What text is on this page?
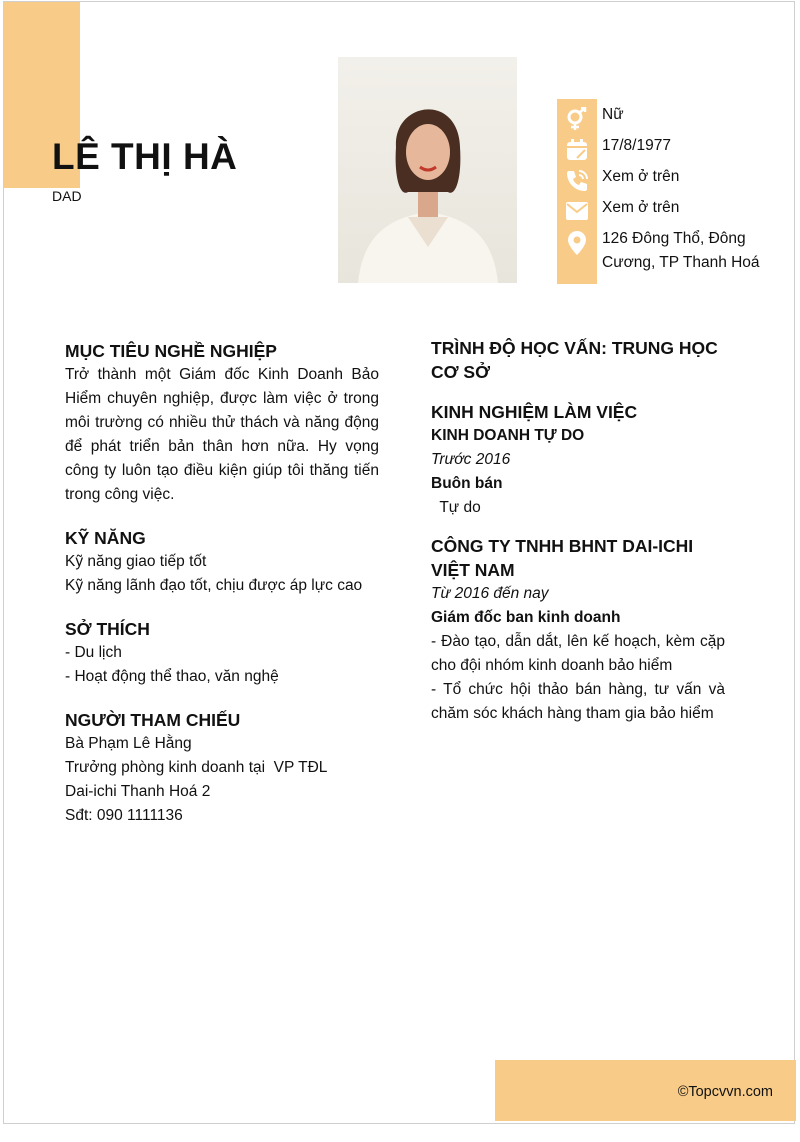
LÊ THỊ HÀ
DAD
Nữ
17/8/1977
Xem ở trên
Xem ở trên
126 Đông Thổ, Đông Cương, TP Thanh Hoá
MỤC TIÊU NGHỀ NGHIỆP

Trở thành một Giám đốc Kinh Doanh Bảo Hiểm chuyên nghiệp, được làm việc ở trong môi trường có nhiều thử thách và năng động để phát triển bản thân hơn nữa. Hy vọng công ty luôn tạo điều kiện giúp tôi thăng tiến trong công việc.

KỸ NĂNG

Kỹ năng giao tiếp tốt

Kỹ năng lãnh đạo tốt, chịu được áp lực cao

SỞ THÍCH

- Du lịch

- Hoạt động thể thao, văn nghệ

NGƯỜI THAM CHIẾU

Bà Phạm Lê Hằng

Trưởng phòng kinh doanh tại  VP TĐL

Dai-ichi Thanh Hoá 2

Sđt: 090 1111136

TRÌNH ĐỘ HỌC VẤN: TRUNG HỌC CƠ SỞ
KINH NGHIỆM LÀM VIỆC

KINH DOANH TỰ DO

Trước 2016

Buôn bán

Tự do

CÔNG TY TNHH BHNT DAI-ICHI VIỆT NAM

Từ 2016 đến nay

Giám đốc ban kinh doanh

- Đào tạo, dẫn dắt, lên kế hoạch, kèm cặp cho đội nhóm kinh doanh bảo hiểm

- Tổ chức hội thảo bán hàng, tư vấn và chăm sóc khách hàng tham gia bảo hiểm

©Topcvvn.com
